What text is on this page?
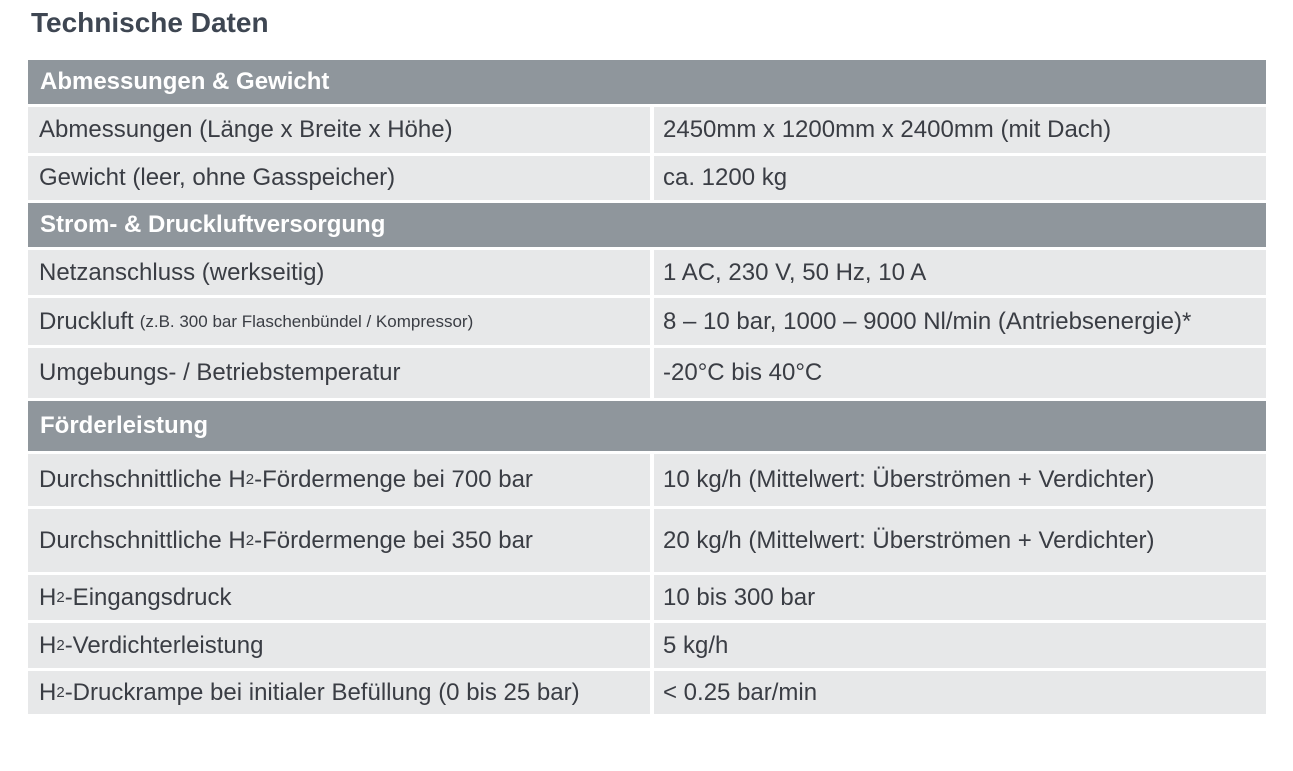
Technische Daten
Abmessungen & Gewicht
Abmessungen (Länge x Breite x Höhe)	2450mm x 1200mm x 2400mm (mit Dach)
Gewicht (leer, ohne Gasspeicher)	ca. 1200 kg
Strom- & Druckluftversorgung
Netzanschluss (werkseitig)	1 AC, 230 V, 50 Hz, 10 A
Druckluft (z.B. 300 bar Flaschenbündel / Kompressor)	8 – 10 bar, 1000 – 9000 Nl/min (Antriebsenergie)*
Umgebungs- / Betriebstemperatur	-20°C bis 40°C
Förderleistung
Durchschnittliche H 2 -Fördermenge bei 700 bar	10 kg/h (Mittelwert: Überströmen + Verdichter)
Durchschnittliche H 2 -Fördermenge bei 350 bar	20 kg/h (Mittelwert: Überströmen + Verdichter)
H 2 -Eingangsdruck	10 bis 300 bar
H 2 -Verdichterleistung	5 kg/h
H 2 -Druckrampe bei initialer Befüllung (0 bis 25 bar)	< 0.25 bar/min
